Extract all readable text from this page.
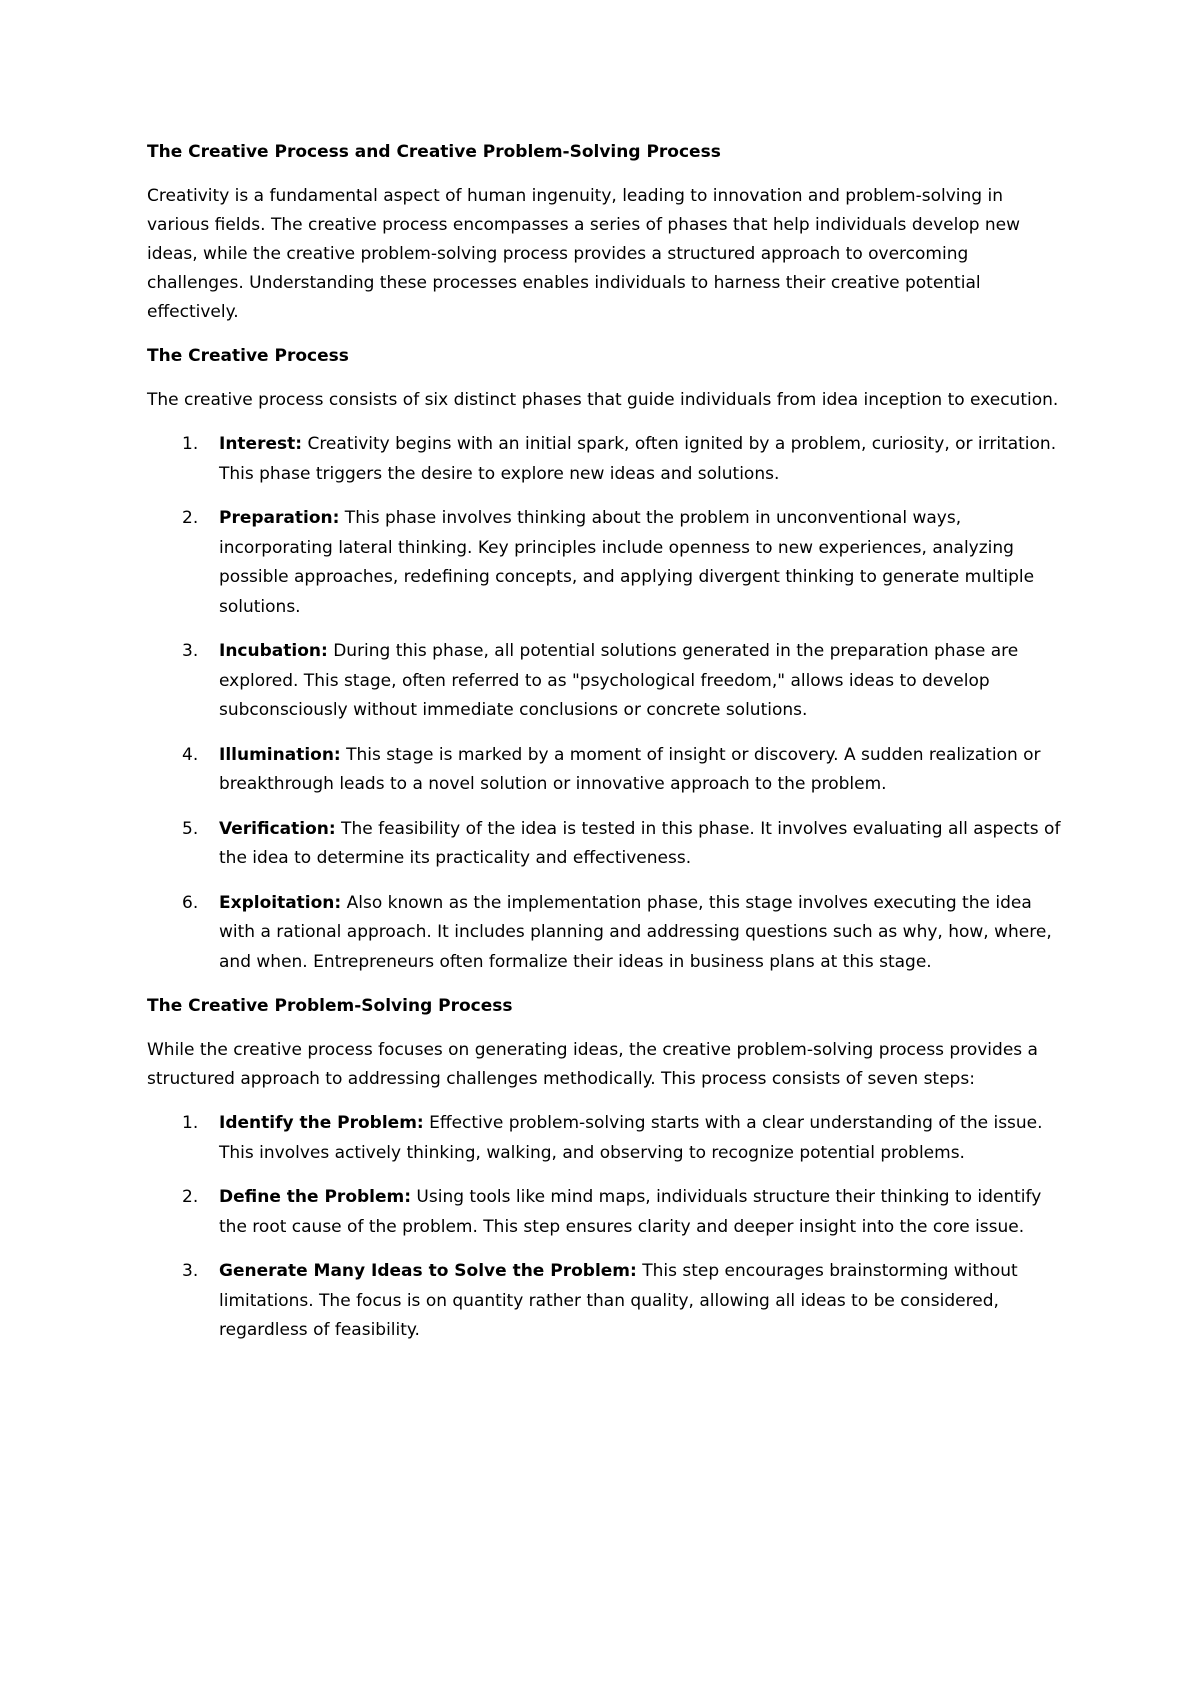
The Creative Process and Creative Problem-Solving Process

Creativity is a fundamental aspect of human ingenuity, leading to innovation and problem-solving in various fields. The creative process encompasses a series of phases that help individuals develop new ideas, while the creative problem-solving process provides a structured approach to overcoming challenges. Understanding these processes enables individuals to harness their creative potential effectively.

The Creative Process

The creative process consists of six distinct phases that guide individuals from idea inception to execution.

1. Interest: Creativity begins with an initial spark, often ignited by a problem, curiosity, or irritation. This phase triggers the desire to explore new ideas and solutions.
2. Preparation: This phase involves thinking about the problem in unconventional ways, incorporating lateral thinking. Key principles include openness to new experiences, analyzing possible approaches, redefining concepts, and applying divergent thinking to generate multiple solutions.
3. Incubation: During this phase, all potential solutions generated in the preparation phase are explored. This stage, often referred to as "psychological freedom," allows ideas to develop subconsciously without immediate conclusions or concrete solutions.
4. Illumination: This stage is marked by a moment of insight or discovery. A sudden realization or breakthrough leads to a novel solution or innovative approach to the problem.
5. Verification: The feasibility of the idea is tested in this phase. It involves evaluating all aspects of the idea to determine its practicality and effectiveness.
6. Exploitation: Also known as the implementation phase, this stage involves executing the idea with a rational approach. It includes planning and addressing questions such as why, how, where, and when. Entrepreneurs often formalize their ideas in business plans at this stage.
The Creative Problem-Solving Process

While the creative process focuses on generating ideas, the creative problem-solving process provides a structured approach to addressing challenges methodically. This process consists of seven steps:

1. Identify the Problem: Effective problem-solving starts with a clear understanding of the issue. This involves actively thinking, walking, and observing to recognize potential problems.
2. Define the Problem: Using tools like mind maps, individuals structure their thinking to identify the root cause of the problem. This step ensures clarity and deeper insight into the core issue.
3. Generate Many Ideas to Solve the Problem: This step encourages brainstorming without limitations. The focus is on quantity rather than quality, allowing all ideas to be considered, regardless of feasibility.
